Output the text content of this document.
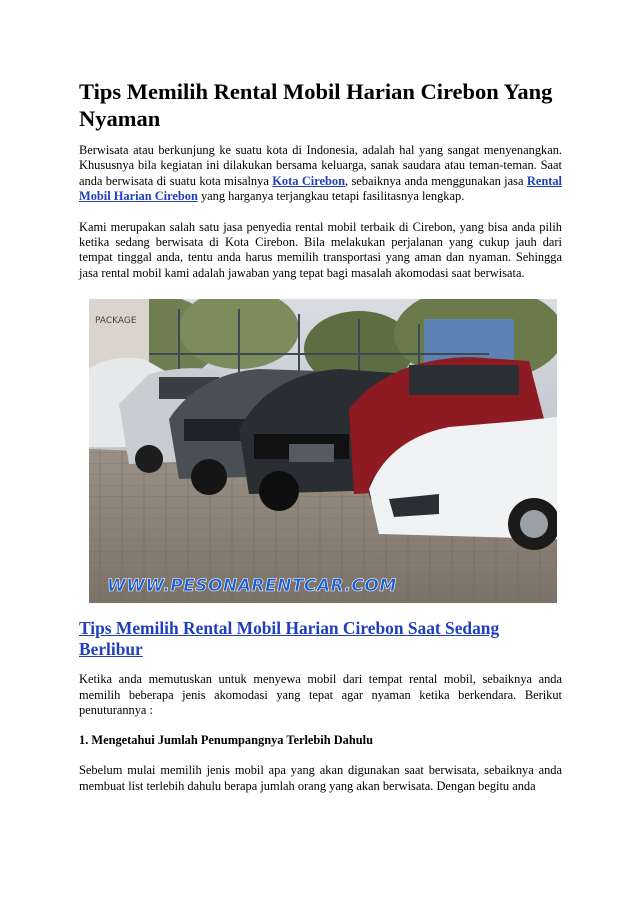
Tips Memilih Rental Mobil Harian Cirebon Yang Nyaman

Berwisata atau berkunjung ke suatu kota di Indonesia, adalah hal yang sangat menyenangkan. Khususnya bila kegiatan ini dilakukan bersama keluarga, sanak saudara atau teman-teman. Saat anda berwisata di suatu kota misalnya Kota Cirebon, sebaiknya anda menggunakan jasa Rental Mobil Harian Cirebon yang harganya terjangkau tetapi fasilitasnya lengkap.

Kami merupakan salah satu jasa penyedia rental mobil terbaik di Cirebon, yang bisa anda pilih ketika sedang berwisata di Kota Cirebon. Bila melakukan perjalanan yang cukup jauh dari tempat tinggal anda, tentu anda harus memilih transportasi yang aman dan nyaman. Sehingga jasa rental mobil kami adalah jawaban yang tepat bagi masalah akomodasi saat berwisata.

PACKAGE
WWW.PESONARENTCAR.COM
Tips Memilih Rental Mobil Harian Cirebon Saat Sedang Berlibur

Ketika anda memutuskan untuk menyewa mobil dari tempat rental mobil, sebaiknya anda memilih beberapa jenis akomodasi yang tepat agar nyaman ketika berkendara. Berikut penuturannya :

1. Mengetahui Jumlah Penumpangnya Terlebih Dahulu

Sebelum mulai memilih jenis mobil apa yang akan digunakan saat berwisata, sebaiknya anda membuat list terlebih dahulu berapa jumlah orang yang akan berwisata. Dengan begitu anda
